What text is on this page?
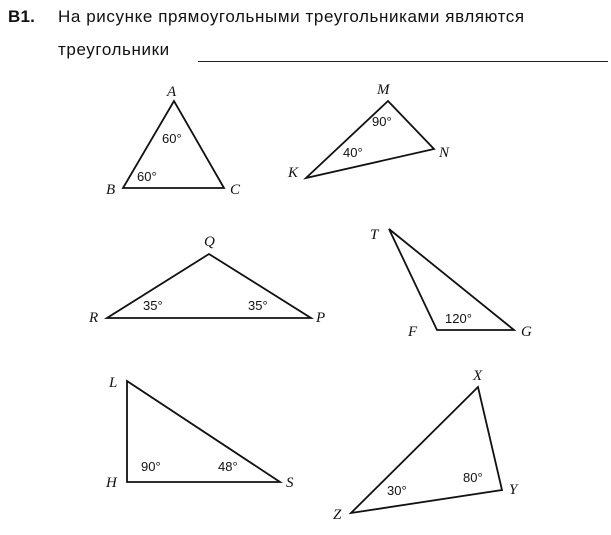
B1. На рисунке прямоугольными треугольниками являются
треугольники
A
B	C
60°
60°
M
N
K
90°
40°
Q
R	P
35°	35°
T
F	G
120°
L
H	S
90°	48°
X
Z
Y
30°
80°
